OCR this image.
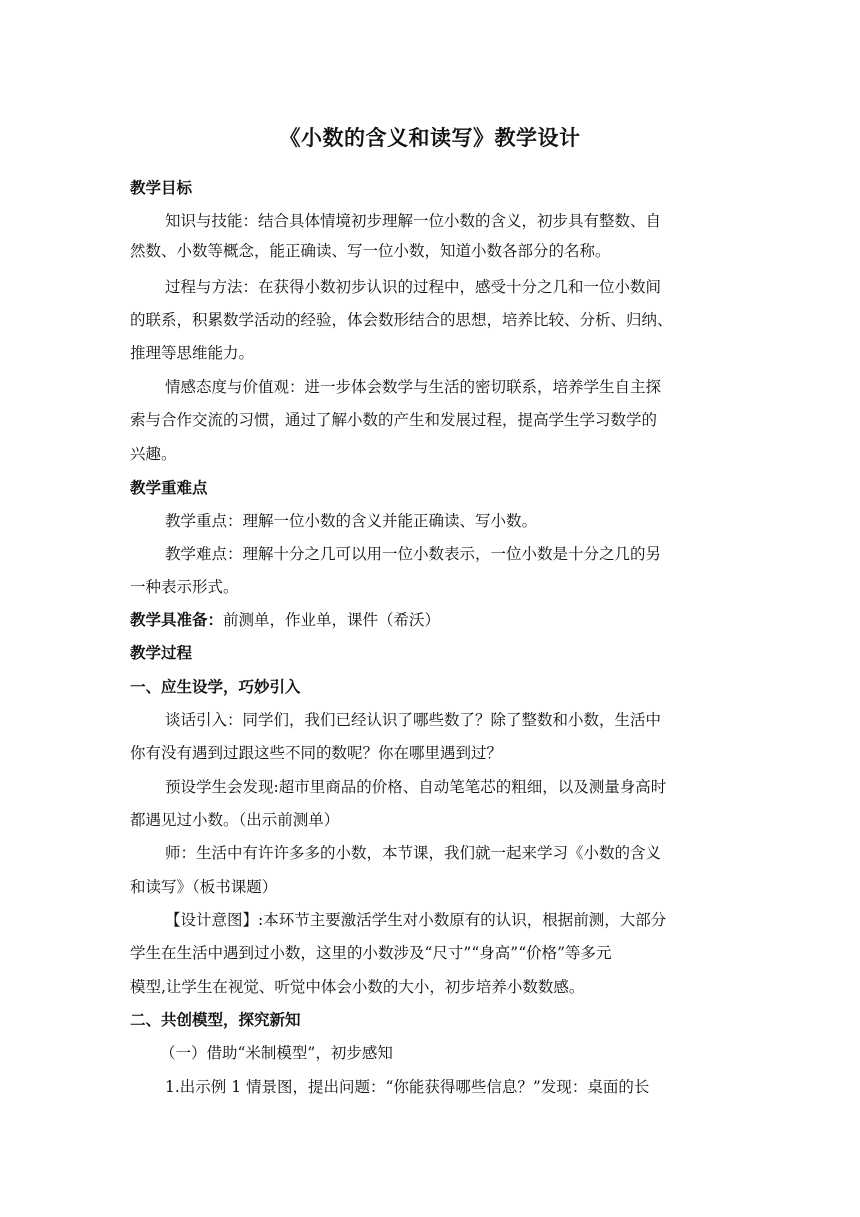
《小数的含义和读写》教学设计
教学目标
知识与技能：结合具体情境初步理解一位小数的含义，初步具有整数、自
然数、小数等概念，能正确读、写一位小数，知道小数各部分的名称。
过程与方法：在获得小数初步认识的过程中，感受十分之几和一位小数间
的联系，积累数学活动的经验，体会数形结合的思想，培养比较、分析、归纳、
推理等思维能力。
情感态度与价值观：进一步体会数学与生活的密切联系，培养学生自主探
索与合作交流的习惯，通过了解小数的产生和发展过程，提高学生学习数学的
兴趣。
教学重难点
教学重点：理解一位小数的含义并能正确读、写小数。
教学难点：理解十分之几可以用一位小数表示，一位小数是十分之几的另
一种表示形式。
教学具准备：前测单，作业单，课件（希沃）
教学过程
一、应生设学，巧妙引入
谈话引入：同学们，我们已经认识了哪些数了？除了整数和小数，生活中
你有没有遇到过跟这些不同的数呢？你在哪里遇到过？
预设学生会发现:超市里商品的价格、自动笔笔芯的粗细，以及测量身高时
都遇见过小数。（出示前测单）
师：生活中有许许多多的小数，本节课，我们就一起来学习《小数的含义
和读写》（板书课题）
【设计意图】:本环节主要激活学生对小数原有的认识，根据前测，大部分
学生在生活中遇到过小数，这里的小数涉及“尺寸”“身高”“价格”等多元
模型,让学生在视觉、听觉中体会小数的大小，初步培养小数数感。
二、共创模型，探究新知
（一）借助“米制模型”，初步感知
1.出示例 1 情景图，提出问题：“你能获得哪些信息？”发现：桌面的长
